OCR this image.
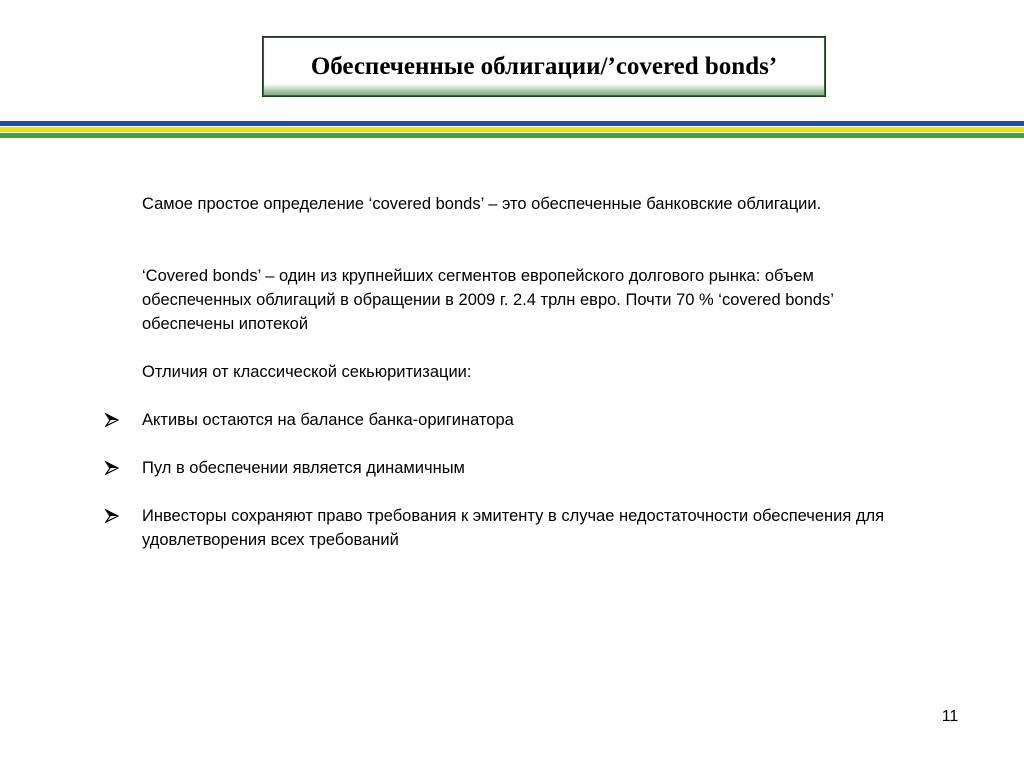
Обеспеченные облигации/’covered bonds’
Самое простое определение ‘covered bonds’ – это обеспеченные банковские облигации.
‘Covered bonds’ – один из крупнейших сегментов европейского долгового рынка: объем обеспеченных облигаций в обращении в 2009 г. 2.4 трлн евро. Почти 70 % ‘covered bonds’ обеспечены ипотекой
Отличия от классической секьюритизации:
Активы остаются на балансе банка-оригинатора
Пул в обеспечении является динамичным
Инвесторы сохраняют право требования к эмитенту в случае недостаточности обеспечения для удовлетворения всех требований
11
